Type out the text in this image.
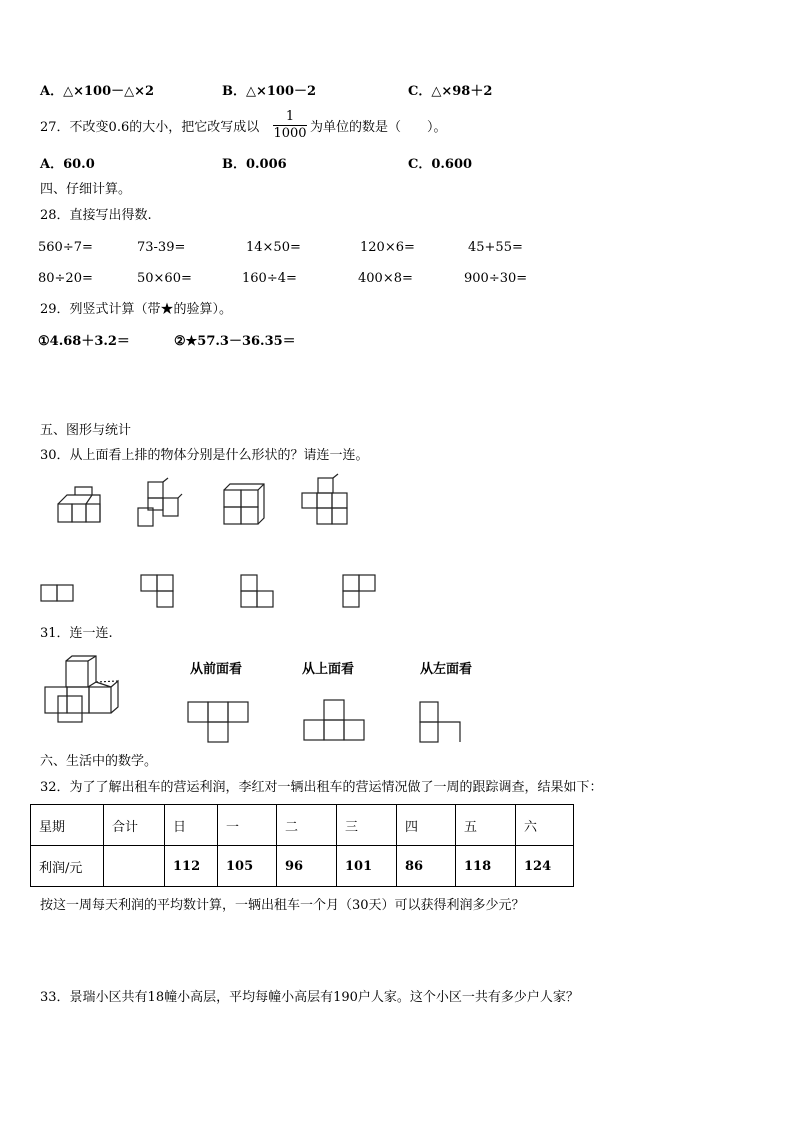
A．△×100－△×2	B．△×100－2	C．△×98＋2
27．不改变0.6的大小，把它改写成以
1
1000 为单位的数是（　　）。
A．60.0	B．0.006	C．0.600
四、仔细计算。
28．直接写出得数.
560÷7=	73-39=	14×50=	120×6=	45+55=
80÷20=	50×60=	160÷4=	400×8=	900÷30=
29．列竖式计算（带★的验算）。
①4.68＋3.2＝	②★57.3－36.35＝
五、图形与统计
30．从上面看上排的物体分别是什么形状的？请连一连。
31．连一连.
从前面看	从上面看	从左面看
六、生活中的数学。
32．为了了解出租车的营运利润，李红对一辆出租车的营运情况做了一周的跟踪调查，结果如下：
星期	合计	日	一	二	三	四	五	六
利润/元		112	105	96	101	86	118	124
按这一周每天利润的平均数计算，一辆出租车一个月（30天）可以获得利润多少元？
33．景瑞小区共有18幢小高层，平均每幢小高层有190户人家。这个小区一共有多少户人家？
